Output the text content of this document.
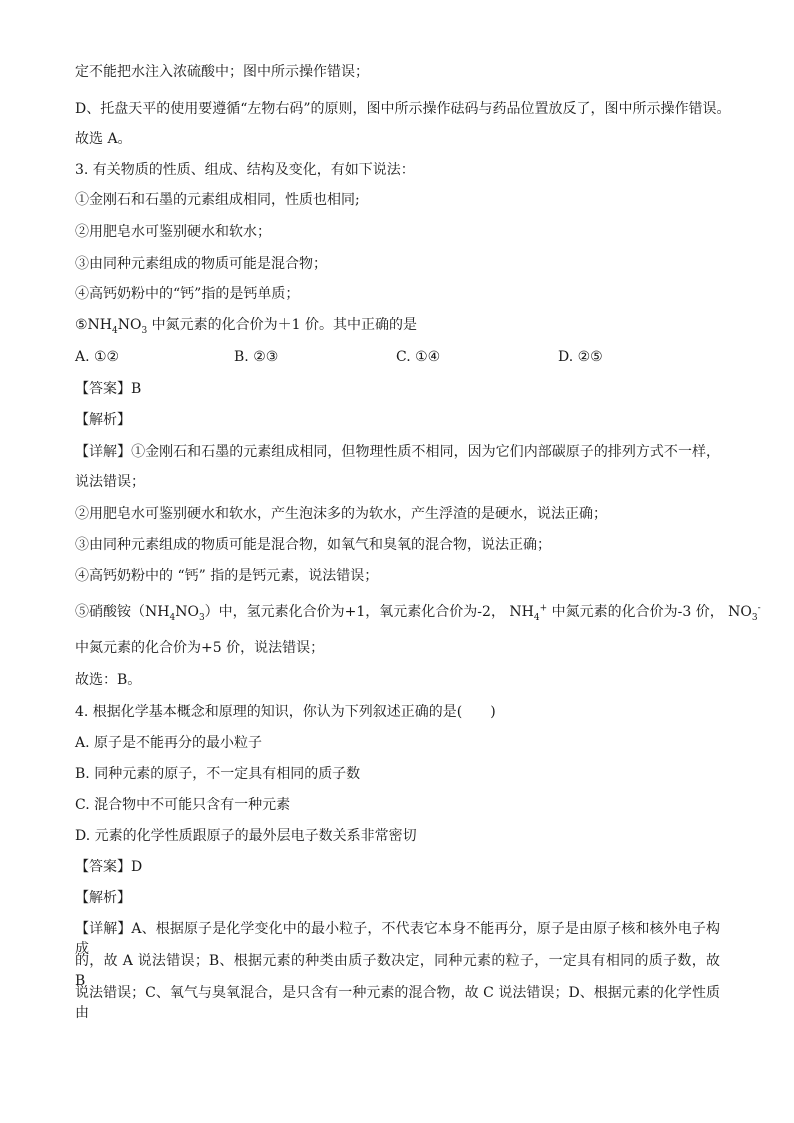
定不能把水注入浓硫酸中；图中所示操作错误；
D、托盘天平的使用要遵循“左物右码”的原则，图中所示操作砝码与药品位置放反了，图中所示操作错误。
故选 A。
3. 有关物质的性质、组成、结构及变化，有如下说法：
①金刚石和石墨的元素组成相同，性质也相同;
②用肥皂水可鉴别硬水和软水；
③由同种元素组成的物质可能是混合物；
④高钙奶粉中的“钙”指的是钙单质；
$⑤NH_4NO_3$ 中氮元素的化合价为＋1 价。其中正确的是
A. ①②	B. ②③	C. ①④	D. ②⑤
【答案】B
【解析】
【详解】①金刚石和石墨的元素组成相同，但物理性质不相同，因为它们内部碳原子的排列方式不一样，
说法错误；
②用肥皂水可鉴别硬水和软水，产生泡沫多的为软水，产生浮渣的是硬水，说法正确；
③由同种元素组成的物质可能是混合物，如氧气和臭氧的混合物，说法正确；
④高钙奶粉中的 “钙” 指的是钙元素，说法错误；
⑤硝酸铵$(NH_4NO_3)$中，氢元素化合价为+1，氧元素化合价为-2， $NH_4^+$ 中氮元素的化合价为-3 价， $NO_3^-$
中氮元素的化合价为+5 价，说法错误；
故选：B。
4. 根据化学基本概念和原理的知识，你认为下列叙述正确的是(　　)
A. 原子是不能再分的最小粒子
B. 同种元素的原子，不一定具有相同的质子数
C. 混合物中不可能只含有一种元素
D. 元素的化学性质跟原子的最外层电子数关系非常密切
【答案】D
【解析】
【详解】A、根据原子是化学变化中的最小粒子，不代表它本身不能再分，原子是由原子核和核外电子构成
的，故 A 说法错误；B、根据元素的种类由质子数决定，同种元素的粒子，一定具有相同的质子数，故 B
说法错误；C、氧气与臭氧混合，是只含有一种元素的混合物，故 C 说法错误；D、根据元素的化学性质由
